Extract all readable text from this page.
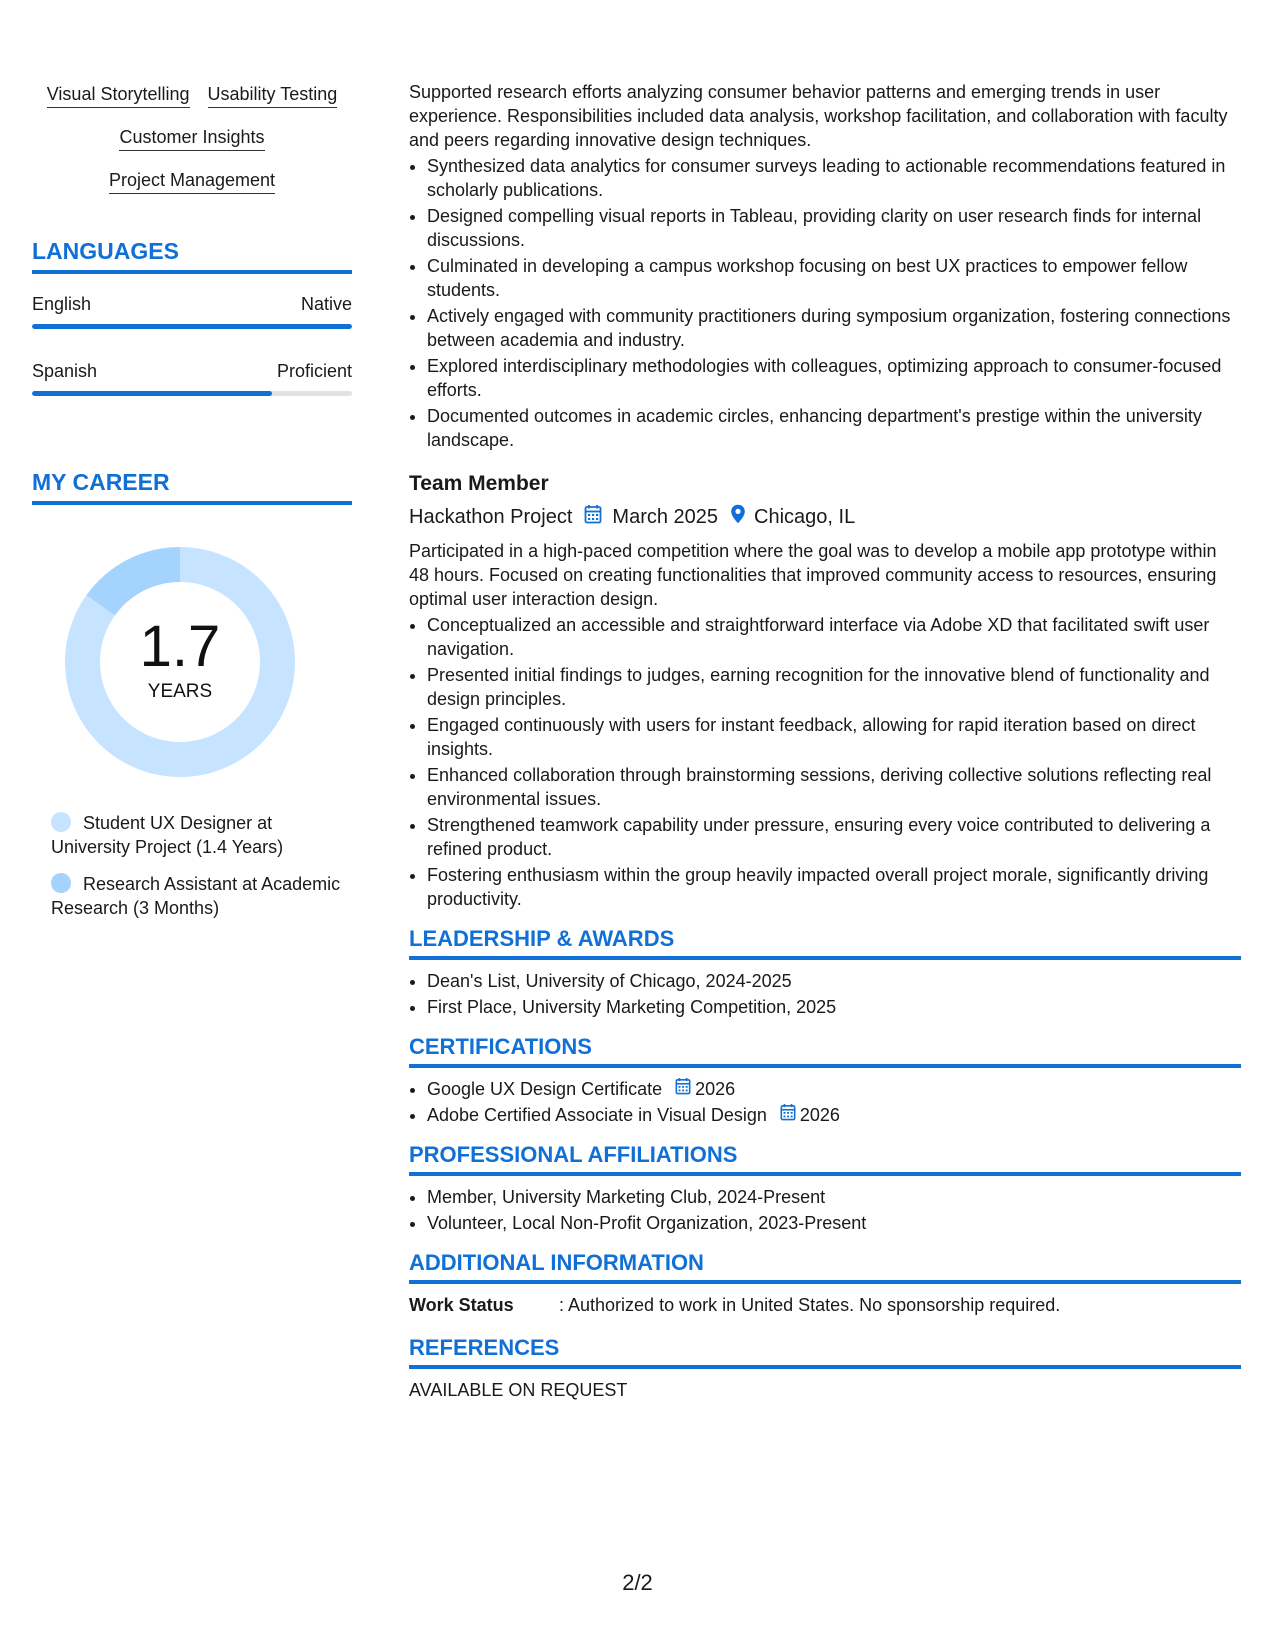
Visual Storytelling Usability Testing
Customer Insights
Project Management
LANGUAGES
English	Native
Spanish	Proficient
MY CAREER
1.7
YEARS
Student UX Designer at University Project (1.4 Years)
Research Assistant at Academic Research (3 Months)

Supported research efforts analyzing consumer behavior patterns and emerging trends in user experience. Responsibilities included data analysis, workshop facilitation, and collaboration with faculty and peers regarding innovative design techniques.

• Synthesized data analytics for consumer surveys leading to actionable recommendations featured in scholarly publications.
• Designed compelling visual reports in Tableau, providing clarity on user research finds for internal discussions.
• Culminated in developing a campus workshop focusing on best UX practices to empower fellow students.
• Actively engaged with community practitioners during symposium organization, fostering connections between academia and industry.
• Explored interdisciplinary methodologies with colleagues, optimizing approach to consumer-focused efforts.
• Documented outcomes in academic circles, enhancing department's prestige within the university landscape.
Team Member
Hackathon Project March 2025 Chicago, IL

Participated in a high-paced competition where the goal was to develop a mobile app prototype within 48 hours. Focused on creating functionalities that improved community access to resources, ensuring optimal user interaction design.

• Conceptualized an accessible and straightforward interface via Adobe XD that facilitated swift user navigation.
• Presented initial findings to judges, earning recognition for the innovative blend of functionality and design principles.
• Engaged continuously with users for instant feedback, allowing for rapid iteration based on direct insights.
• Enhanced collaboration through brainstorming sessions, deriving collective solutions reflecting real environmental issues.
• Strengthened teamwork capability under pressure, ensuring every voice contributed to delivering a refined product.
• Fostering enthusiasm within the group heavily impacted overall project morale, significantly driving productivity.
LEADERSHIP & AWARDS
• Dean's List, University of Chicago, 2024-2025
• First Place, University Marketing Competition, 2025
CERTIFICATIONS
• Google UX Design Certificate 2026
• Adobe Certified Associate in Visual Design 2026
PROFESSIONAL AFFILIATIONS
• Member, University Marketing Club, 2024-Present
• Volunteer, Local Non-Profit Organization, 2023-Present
ADDITIONAL INFORMATION
Work Status	: Authorized to work in United States. No sponsorship required.
REFERENCES
AVAILABLE ON REQUEST
2/2
